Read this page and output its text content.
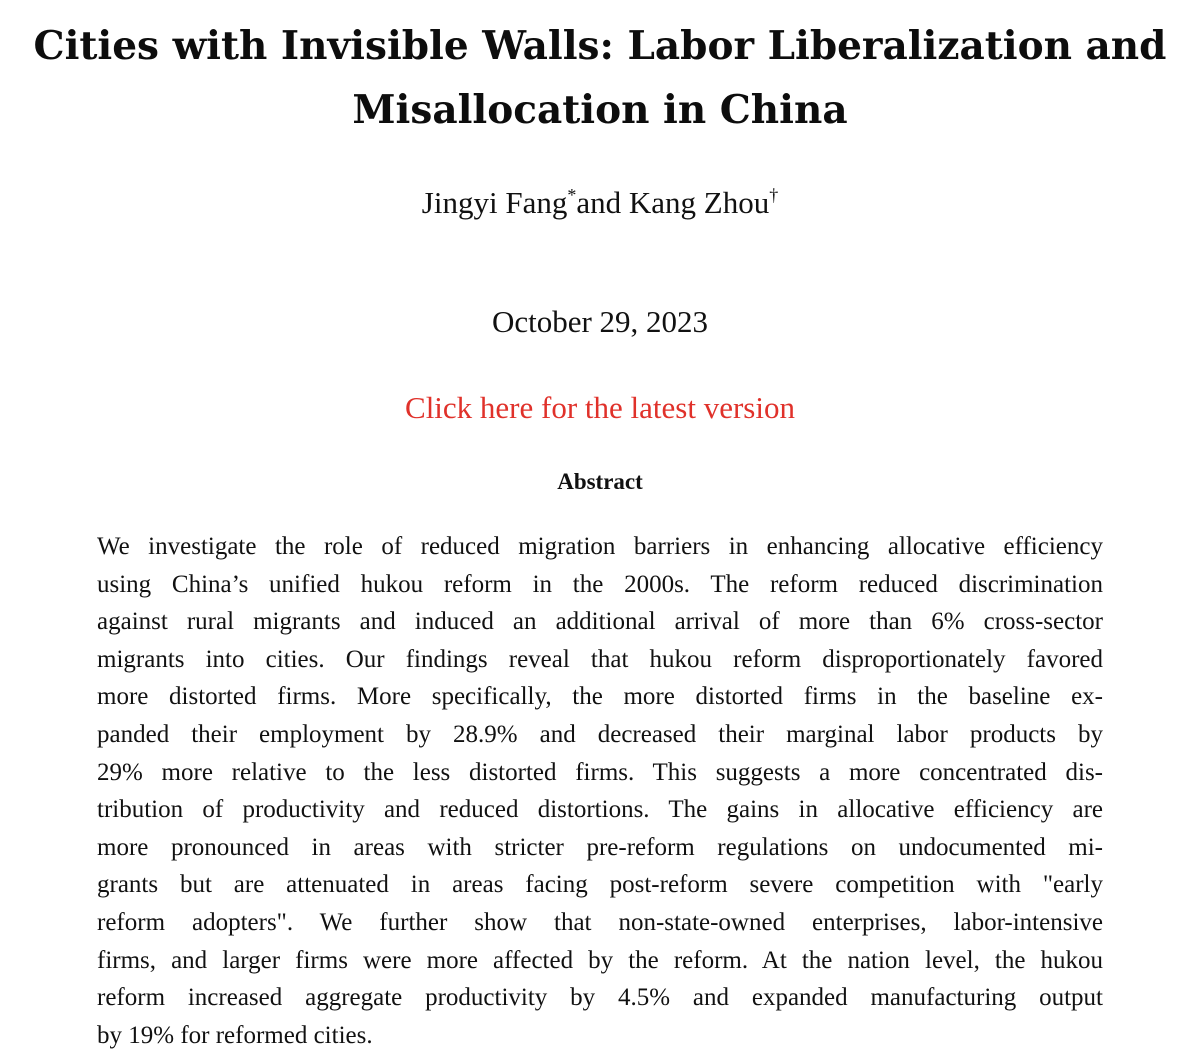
Cities with Invisible Walls: Labor Liberalization and
Misallocation in China
Jingyi Fang*and Kang Zhou†
October 29, 2023
Click here for the latest version
Abstract
We investigate the role of reduced migration barriers in enhancing allocative efficiency
using China’s unified hukou reform in the 2000s. The reform reduced discrimination
against rural migrants and induced an additional arrival of more than 6% cross-sector
migrants into cities. Our findings reveal that hukou reform disproportionately favored
more distorted firms. More specifically, the more distorted firms in the baseline ex-
panded their employment by 28.9% and decreased their marginal labor products by
29% more relative to the less distorted firms. This suggests a more concentrated dis-
tribution of productivity and reduced distortions. The gains in allocative efficiency are
more pronounced in areas with stricter pre-reform regulations on undocumented mi-
grants but are attenuated in areas facing post-reform severe competition with "early
reform adopters". We further show that non-state-owned enterprises, labor-intensive
firms, and larger firms were more affected by the reform. At the nation level, the hukou
reform increased aggregate productivity by 4.5% and expanded manufacturing output
by 19% for reformed cities.
